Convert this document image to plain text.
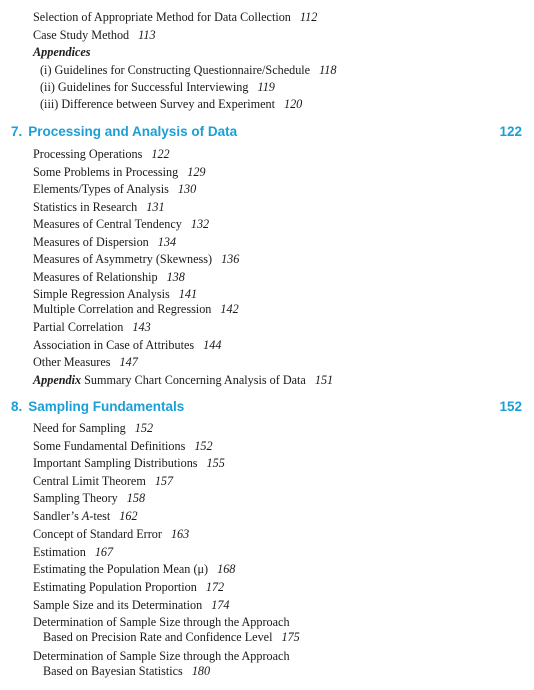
Selection of Appropriate Method for Data Collection 112
Case Study Method 113
Appendices
(i) Guidelines for Constructing Questionnaire/Schedule 118
(ii) Guidelines for Successful Interviewing 119
(iii) Difference between Survey and Experiment 120
7. Processing and Analysis of Data	122
Processing Operations 122
Some Problems in Processing 129
Elements/Types of Analysis 130
Statistics in Research 131
Measures of Central Tendency 132
Measures of Dispersion 134
Measures of Asymmetry (Skewness) 136
Measures of Relationship 138
Simple Regression Analysis 141
Multiple Correlation and Regression 142
Partial Correlation 143
Association in Case of Attributes 144
Other Measures 147
Appendix Summary Chart Concerning Analysis of Data 151
8. Sampling Fundamentals	152
Need for Sampling 152
Some Fundamental Definitions 152
Important Sampling Distributions 155
Central Limit Theorem 157
Sampling Theory 158
Sandler’s A-test 162
Concept of Standard Error 163
Estimation 167
Estimating the Population Mean (μ) 168
Estimating Population Proportion 172
Sample Size and its Determination 174
Determination of Sample Size through the Approach
Based on Precision Rate and Confidence Level 175
Determination of Sample Size through the Approach
Based on Bayesian Statistics 180
